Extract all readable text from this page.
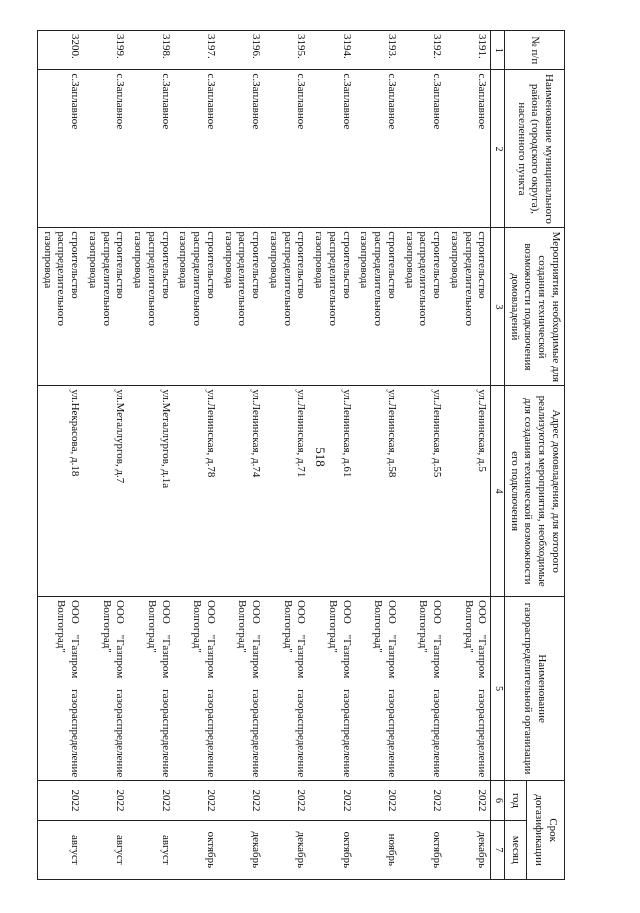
518
№ п/п	Наименование муниципального района (городского округа), населенного пункта	Мероприятия, необходимые для создания технической возможности подключения домовладений	Адрес домовладения, для которого реализуются мероприятия, необходимые для создания технической возможности его подключения	Наименование газораспределительной организации	Срок догазификации	
					год	месяц
1	2	3	4	5	6	7
3191.	с.Заплавное	строительство распределительного газопровода	ул.Ленинская, д.5	ООО "Газпром газораспределение Волгоград"	2022	декабрь
3192.	с.Заплавное	строительство распределительного газопровода	ул.Ленинская, д.55	ООО "Газпром газораспределение Волгоград"	2022	октябрь
3193.	с.Заплавное	строительство распределительного газопровода	ул.Ленинская, д.58	ООО "Газпром газораспределение Волгоград"	2022	ноябрь
3194.	с.Заплавное	строительство распределительного газопровода	ул.Ленинская, д.61	ООО "Газпром газораспределение Волгоград"	2022	октябрь
3195.	с.Заплавное	строительство распределительного газопровода	ул.Ленинская, д.71	ООО "Газпром газораспределение Волгоград"	2022	декабрь
3196.	с.Заплавное	строительство распределительного газопровода	ул.Ленинская, д.74	ООО "Газпром газораспределение Волгоград"	2022	декабрь
3197.	с.Заплавное	строительство распределительного газопровода	ул.Ленинская, д.78	ООО "Газпром газораспределение Волгоград"	2022	октябрь
3198.	с.Заплавное	строительство распределительного газопровода	ул.Металлургов, д.1а	ООО "Газпром газораспределение Волгоград"	2022	август
3199.	с.Заплавное	строительство распределительного газопровода	ул.Металлургов, д.7	ООО "Газпром газораспределение Волгоград"	2022	август
3200.	с.Заплавное	строительство распределительного газопровода	ул.Некрасова, д.18	ООО "Газпром газораспределение Волгоград"	2022	август
